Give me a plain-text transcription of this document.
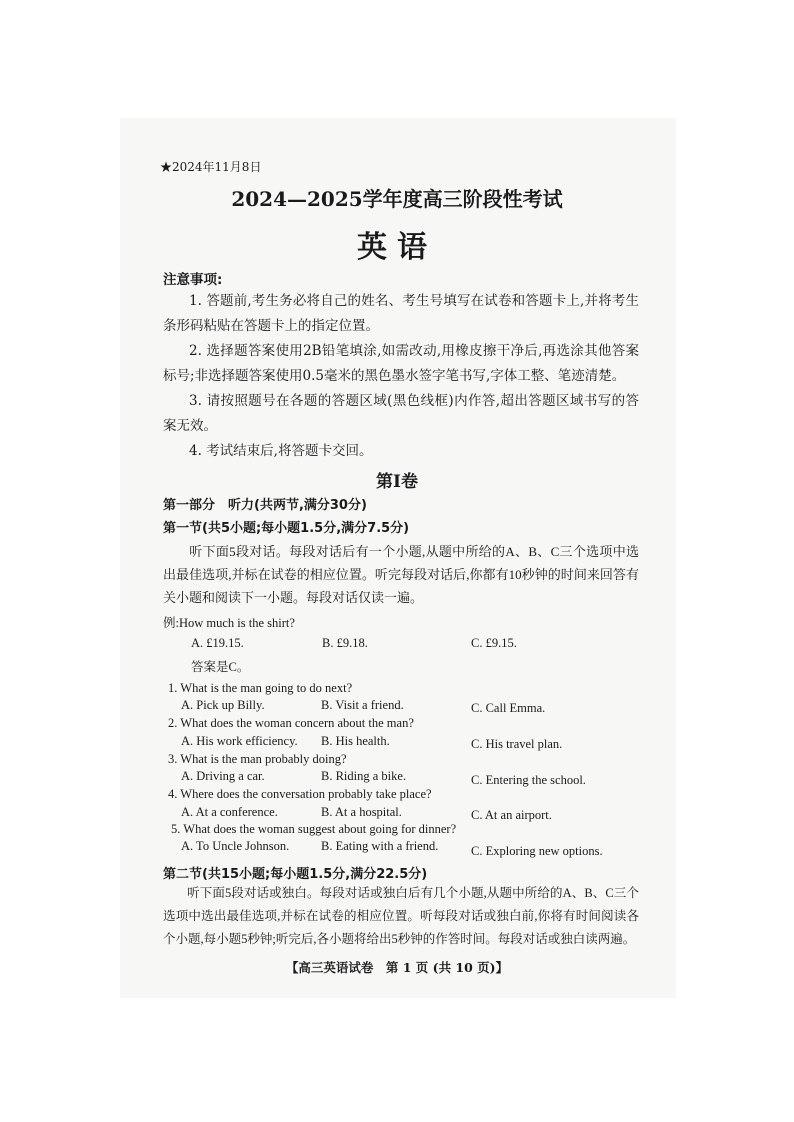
★2024年11月8日
2024—2025学年度高三阶段性考试
英语
注意事项:
1. 答题前,考生务必将自己的姓名、考生号填写在试卷和答题卡上,并将考生条形码粘贴在答题卡上的指定位置。
2. 选择题答案使用2B铅笔填涂,如需改动,用橡皮擦干净后,再选涂其他答案标号;非选择题答案使用0.5毫米的黑色墨水签字笔书写,字体工整、笔迹清楚。
3. 请按照题号在各题的答题区域(黑色线框)内作答,超出答题区域书写的答案无效。
4. 考试结束后,将答题卡交回。
第I卷
第一部分　听力(共两节,满分30分)
第一节(共5小题;每小题1.5分,满分7.5分)
听下面5段对话。每段对话后有一个小题,从题中所给的A、B、C三个选项中选出最佳选项,并标在试卷的相应位置。听完每段对话后,你都有10秒钟的时间来回答有关小题和阅读下一小题。每段对话仅读一遍。
例:How much is the shirt?
A. £19.15.	B. £9.18.	C. £9.15.
答案是C。
1. What is the man going to do next?
A. Pick up Billy.	B. Visit a friend.	C. Call Emma.
2. What does the woman concern about the man?
A. His work efficiency. B. His health.	C. His travel plan.
3. What is the man probably doing?
A. Driving a car.	B. Riding a bike.	C. Entering the school.
4. Where does the conversation probably take place?
A. At a conference.	B. At a hospital.	C. At an airport.
5. What does the woman suggest about going for dinner?
A. To Uncle Johnson.	B. Eating with a friend.	C. Exploring new options.
第二节(共15小题;每小题1.5分,满分22.5分)
听下面5段对话或独白。每段对话或独白后有几个小题,从题中所给的A、B、C三个选项中选出最佳选项,并标在试卷的相应位置。听每段对话或独白前,你将有时间阅读各个小题,每小题5秒钟;听完后,各小题将给出5秒钟的作答时间。每段对话或独白读两遍。
【高三英语试卷　第 1 页 (共 10 页)】
